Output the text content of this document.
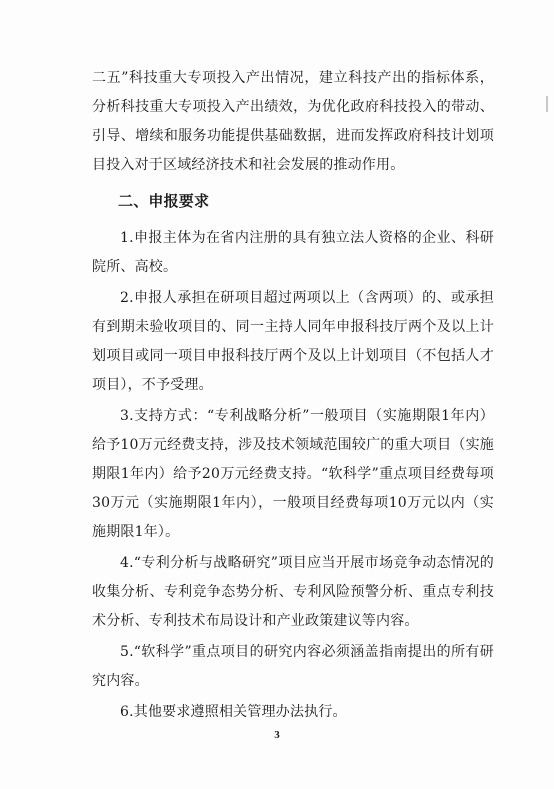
二五”科技重大专项投入产出情况，建立科技产出的指标体系，分析科技重大专项投入产出绩效，为优化政府科技投入的带动、引导、增续和服务功能提供基础数据，进而发挥政府科技计划项目投入对于区域经济技术和社会发展的推动作用。

二、申报要求

1.申报主体为在省内注册的具有独立法人资格的企业、科研院所、高校。

2.申报人承担在研项目超过两项以上（含两项）的、或承担有到期未验收项目的、同一主持人同年申报科技厅两个及以上计划项目或同一项目申报科技厅两个及以上计划项目（不包括人才项目），不予受理。

3.支持方式：“专利战略分析”一般项目（实施期限1年内）给予10万元经费支持，涉及技术领域范围较广的重大项目（实施期限1年内）给予20万元经费支持。“软科学”重点项目经费每项30万元（实施期限1年内），一般项目经费每项10万元以内（实施期限1年）。

4.“专利分析与战略研究”项目应当开展市场竞争动态情况的收集分析、专利竞争态势分析、专利风险预警分析、重点专利技术分析、专利技术布局设计和产业政策建议等内容。

5.“软科学”重点项目的研究内容必须涵盖指南提出的所有研究内容。

6.其他要求遵照相关管理办法执行。

3
